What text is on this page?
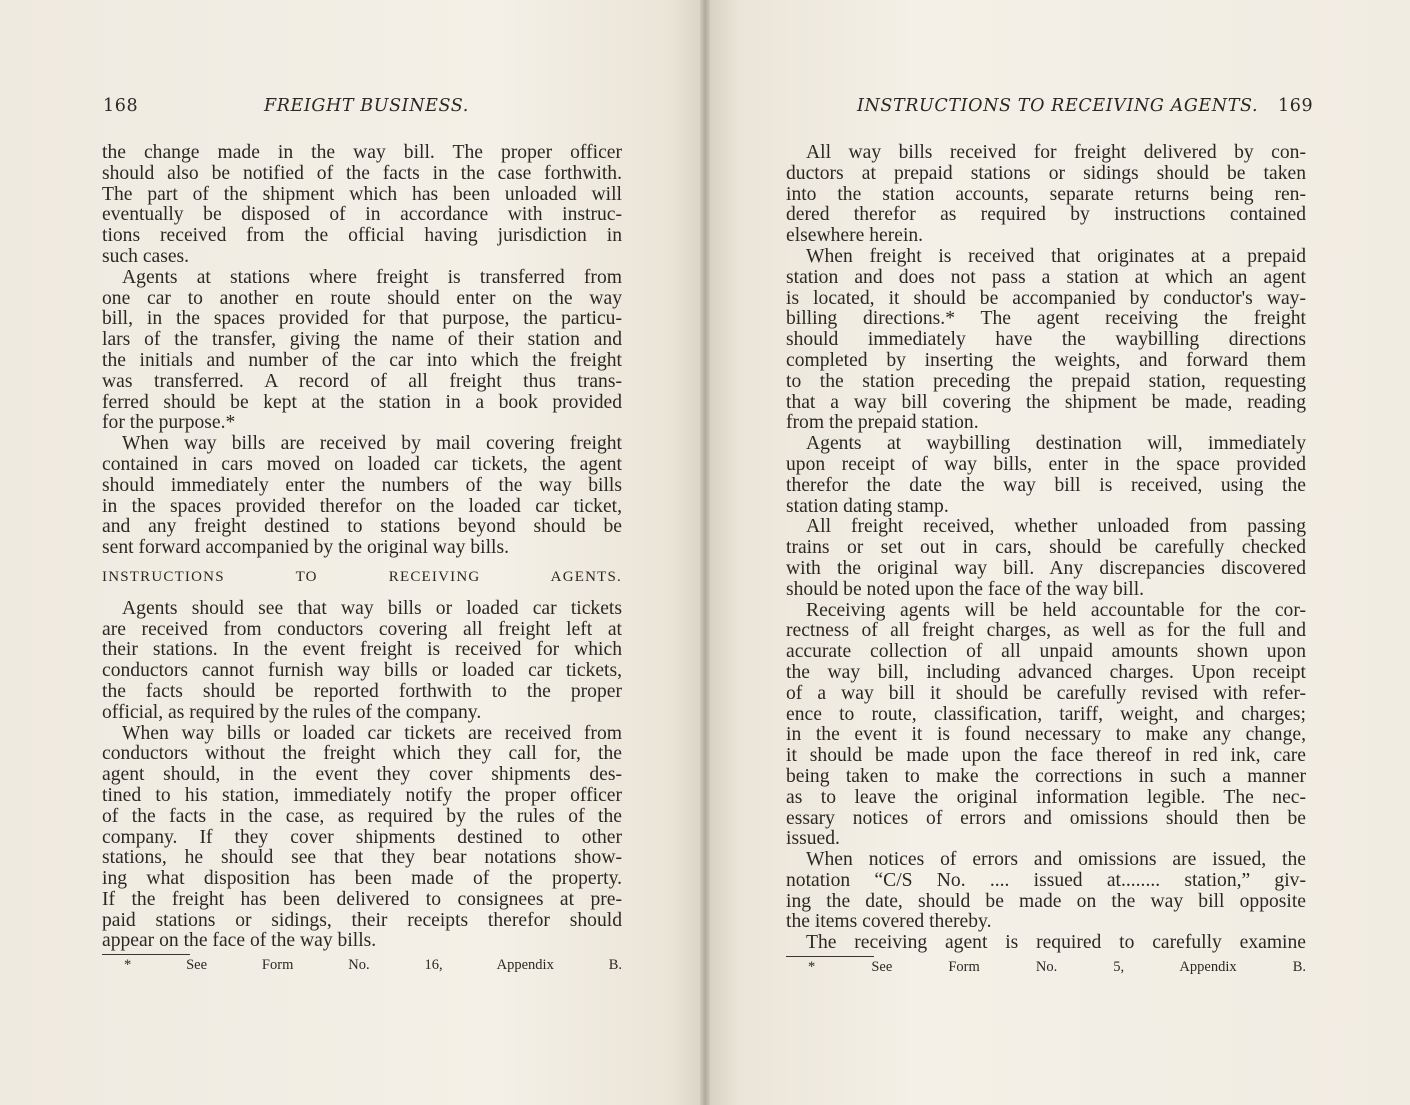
168	FREIGHT BUSINESS.
the change made in the way bill. The proper officer
should also be notified of the facts in the case forthwith.
The part of the shipment which has been unloaded will
eventually be disposed of in accordance with instruc-
tions received from the official having jurisdiction in
such cases.
Agents at stations where freight is transferred from
one car to another en route should enter on the way
bill, in the spaces provided for that purpose, the particu-
lars of the transfer, giving the name of their station and
the initials and number of the car into which the freight
was transferred. A record of all freight thus trans-
ferred should be kept at the station in a book provided
for the purpose.*
When way bills are received by mail covering freight
contained in cars moved on loaded car tickets, the agent
should immediately enter the numbers of the way bills
in the spaces provided therefor on the loaded car ticket,
and any freight destined to stations beyond should be
sent forward accompanied by the original way bills.
INSTRUCTIONS TO RECEIVING AGENTS.
Agents should see that way bills or loaded car tickets
are received from conductors covering all freight left at
their stations. In the event freight is received for which
conductors cannot furnish way bills or loaded car tickets,
the facts should be reported forthwith to the proper
official, as required by the rules of the company.
When way bills or loaded car tickets are received from
conductors without the freight which they call for, the
agent should, in the event they cover shipments des-
tined to his station, immediately notify the proper officer
of the facts in the case, as required by the rules of the
company. If they cover shipments destined to other
stations, he should see that they bear notations show-
ing what disposition has been made of the property.
If the freight has been delivered to consignees at pre-
paid stations or sidings, their receipts therefor should
appear on the face of the way bills.
* See Form No. 16, Appendix B.
INSTRUCTIONS TO RECEIVING AGENTS. 169
All way bills received for freight delivered by con-
ductors at prepaid stations or sidings should be taken
into the station accounts, separate returns being ren-
dered therefor as required by instructions contained
elsewhere herein.
When freight is received that originates at a prepaid
station and does not pass a station at which an agent
is located, it should be accompanied by conductor's way-
billing directions.* The agent receiving the freight
should immediately have the waybilling directions
completed by inserting the weights, and forward them
to the station preceding the prepaid station, requesting
that a way bill covering the shipment be made, reading
from the prepaid station.
Agents at waybilling destination will, immediately
upon receipt of way bills, enter in the space provided
therefor the date the way bill is received, using the
station dating stamp.
All freight received, whether unloaded from passing
trains or set out in cars, should be carefully checked
with the original way bill. Any discrepancies discovered
should be noted upon the face of the way bill.
Receiving agents will be held accountable for the cor-
rectness of all freight charges, as well as for the full and
accurate collection of all unpaid amounts shown upon
the way bill, including advanced charges. Upon receipt
of a way bill it should be carefully revised with refer-
ence to route, classification, tariff, weight, and charges;
in the event it is found necessary to make any change,
it should be made upon the face thereof in red ink, care
being taken to make the corrections in such a manner
as to leave the original information legible. The nec-
essary notices of errors and omissions should then be
issued.
When notices of errors and omissions are issued, the
notation “C/S No. .... issued at........ station,” giv-
ing the date, should be made on the way bill opposite
the items covered thereby.
The receiving agent is required to carefully examine
* See Form No. 5, Appendix B.
